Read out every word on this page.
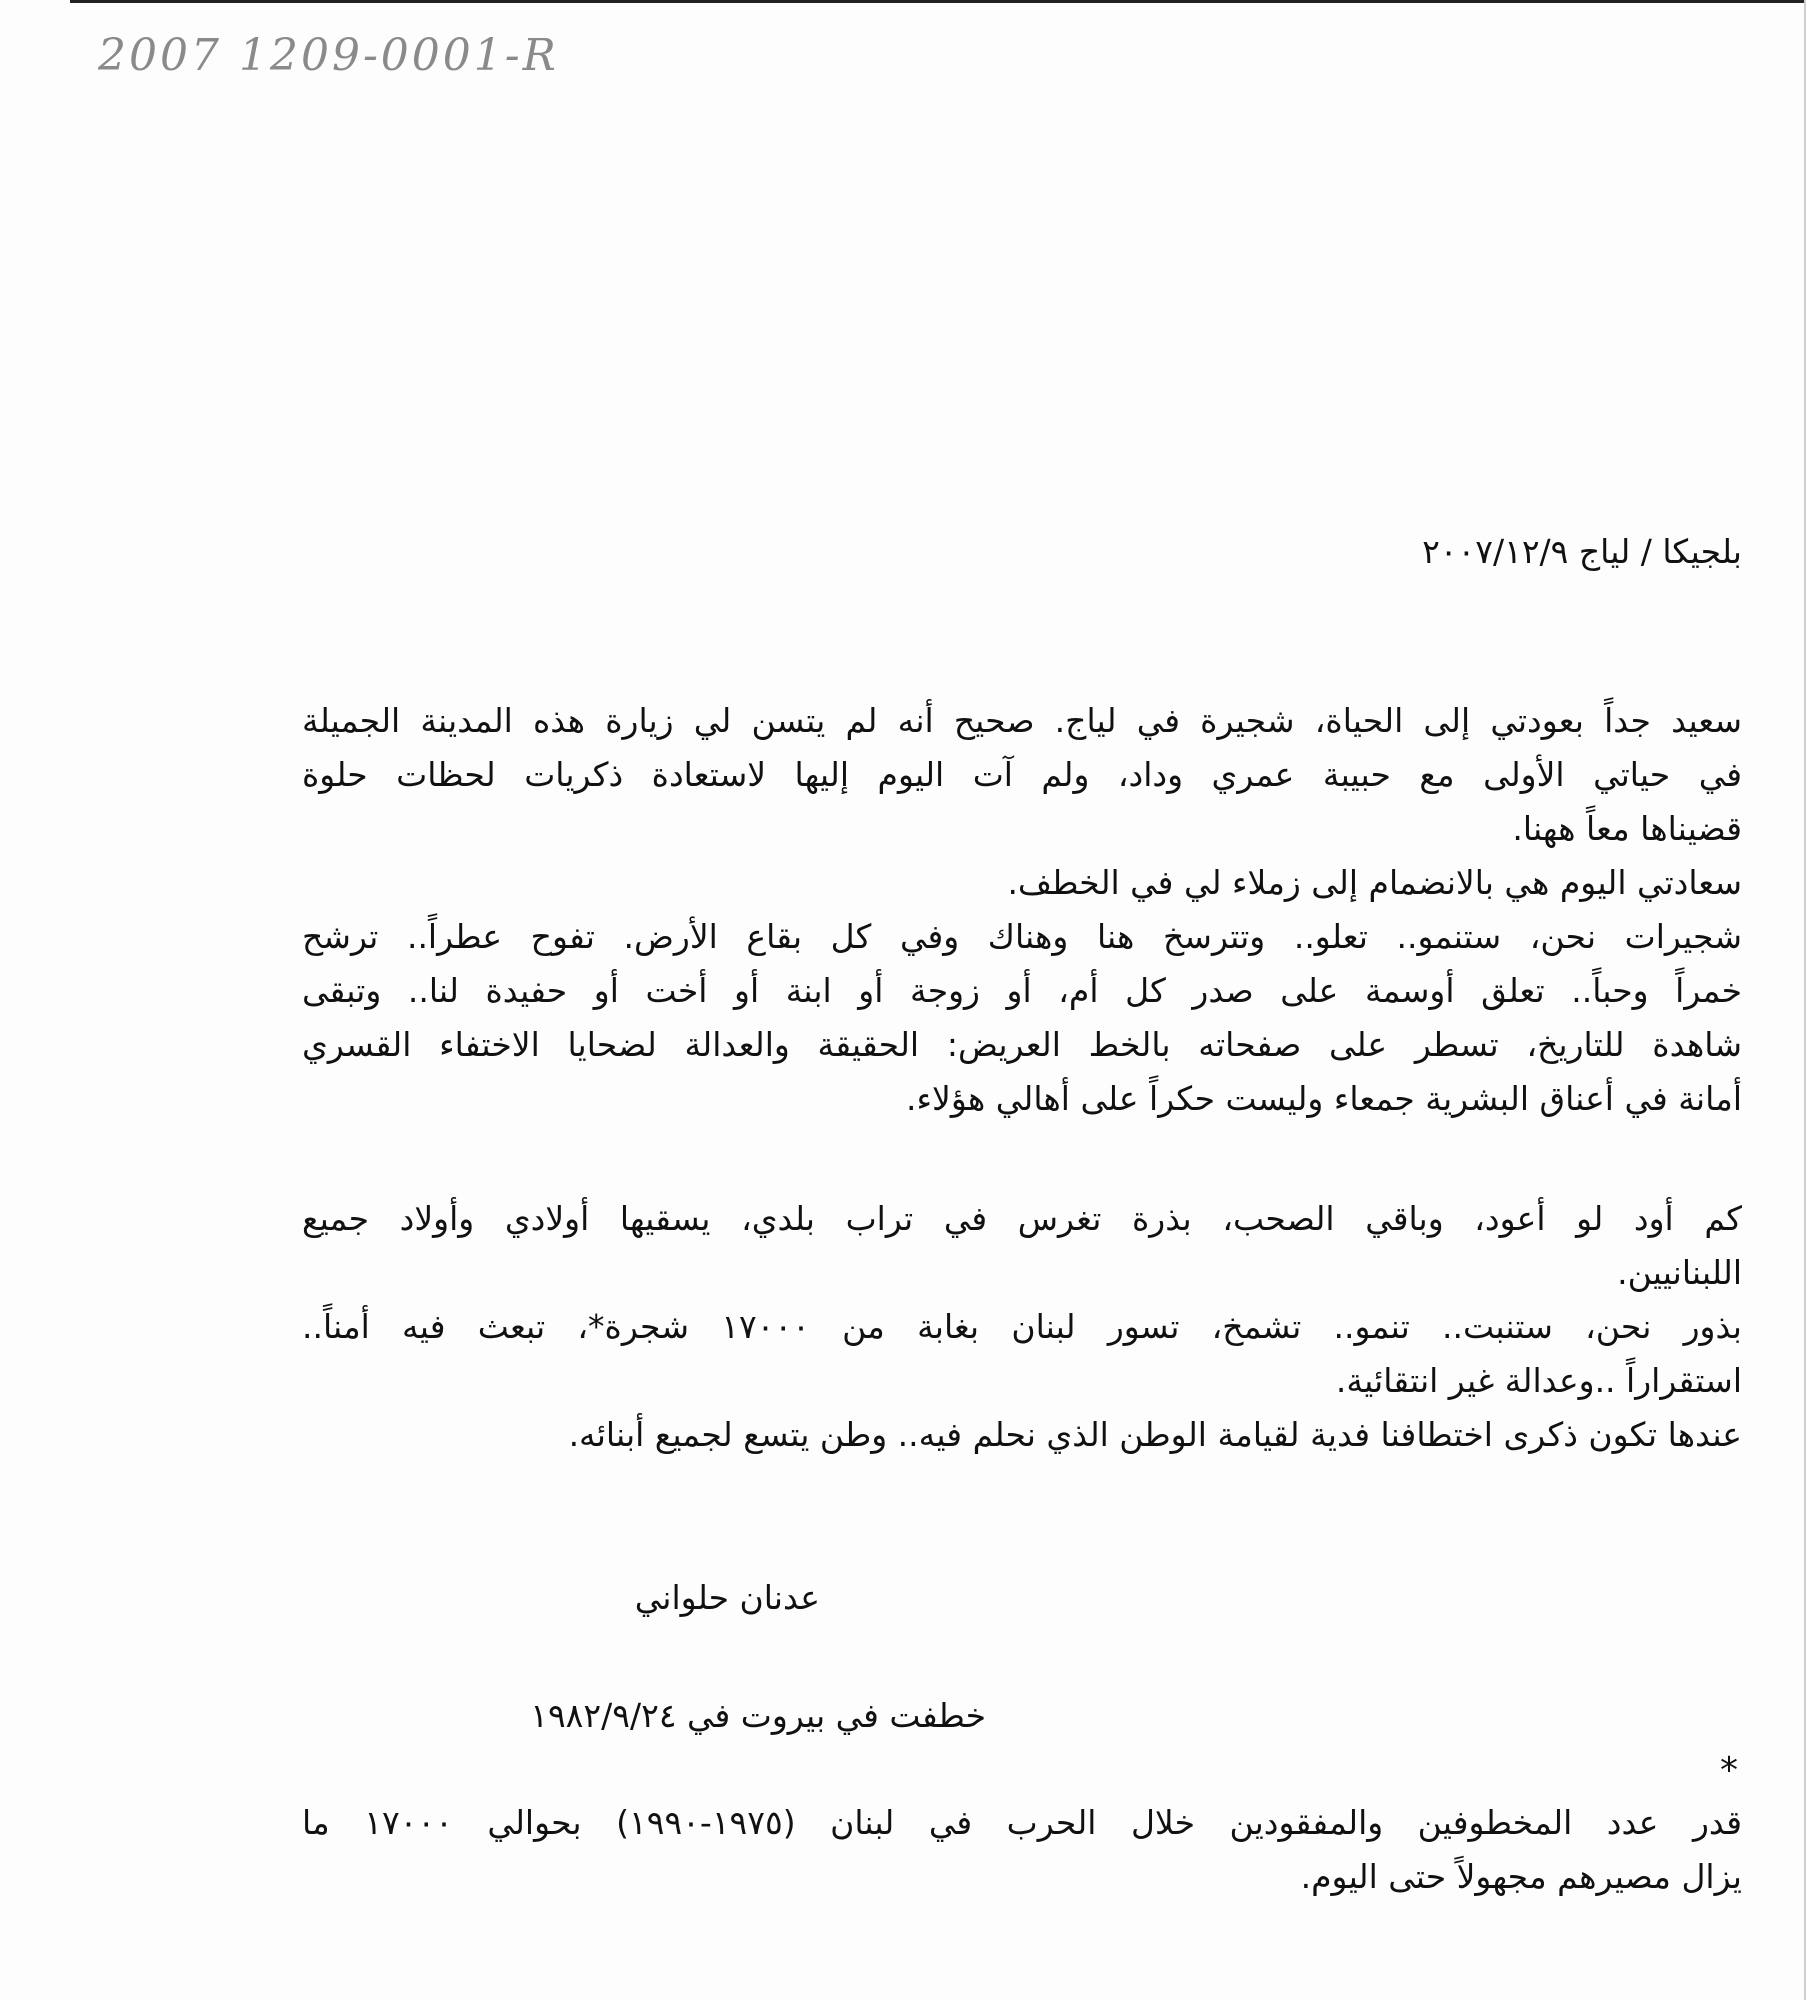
2007 1209-0001-R
بلجيكا / لياج ٢٠٠٧/١٢/٩
سعيد جداً بعودتي إلى الحياة، شجيرة في لياج. صحيح أنه لم يتسن لي زيارة هذه المدينة الجميلة
في حياتي الأولى مع حبيبة عمري وداد، ولم آت اليوم إليها لاستعادة ذكريات لحظات حلوة
قضيناها معاً ههنا.
سعادتي اليوم هي بالانضمام إلى زملاء لي في الخطف.
شجيرات نحن، ستنمو.. تعلو.. وتترسخ هنا وهناك وفي كل بقاع الأرض. تفوح عطراً.. ترشح
خمراً وحباً.. تعلق أوسمة على صدر كل أم، أو زوجة أو ابنة أو أخت أو حفيدة لنا.. وتبقى
شاهدة للتاريخ، تسطر على صفحاته بالخط العريض: الحقيقة والعدالة لضحايا الاختفاء القسري
أمانة في أعناق البشرية جمعاء وليست حكراً على أهالي هؤلاء.
كم أود لو أعود، وباقي الصحب، بذرة تغرس في تراب بلدي، يسقيها أولادي وأولاد جميع
اللبنانيين.
بذور نحن، ستنبت.. تنمو.. تشمخ، تسور لبنان بغابة من ١٧٠٠٠ شجرة*، تبعث فيه أمناً..
استقراراً ..وعدالة غير انتقائية.
عندها تكون ذكرى اختطافنا فدية لقيامة الوطن الذي نحلم فيه.. وطن يتسع لجميع أبنائه.
عدنان حلواني
خطفت في بيروت في ١٩٨٢/٩/٢٤
*
قدر عدد المخطوفين والمفقودين خلال الحرب في لبنان (١٩٧٥-١٩٩٠) بحوالي ١٧٠٠٠ ما
يزال مصيرهم مجهولاً حتى اليوم.
